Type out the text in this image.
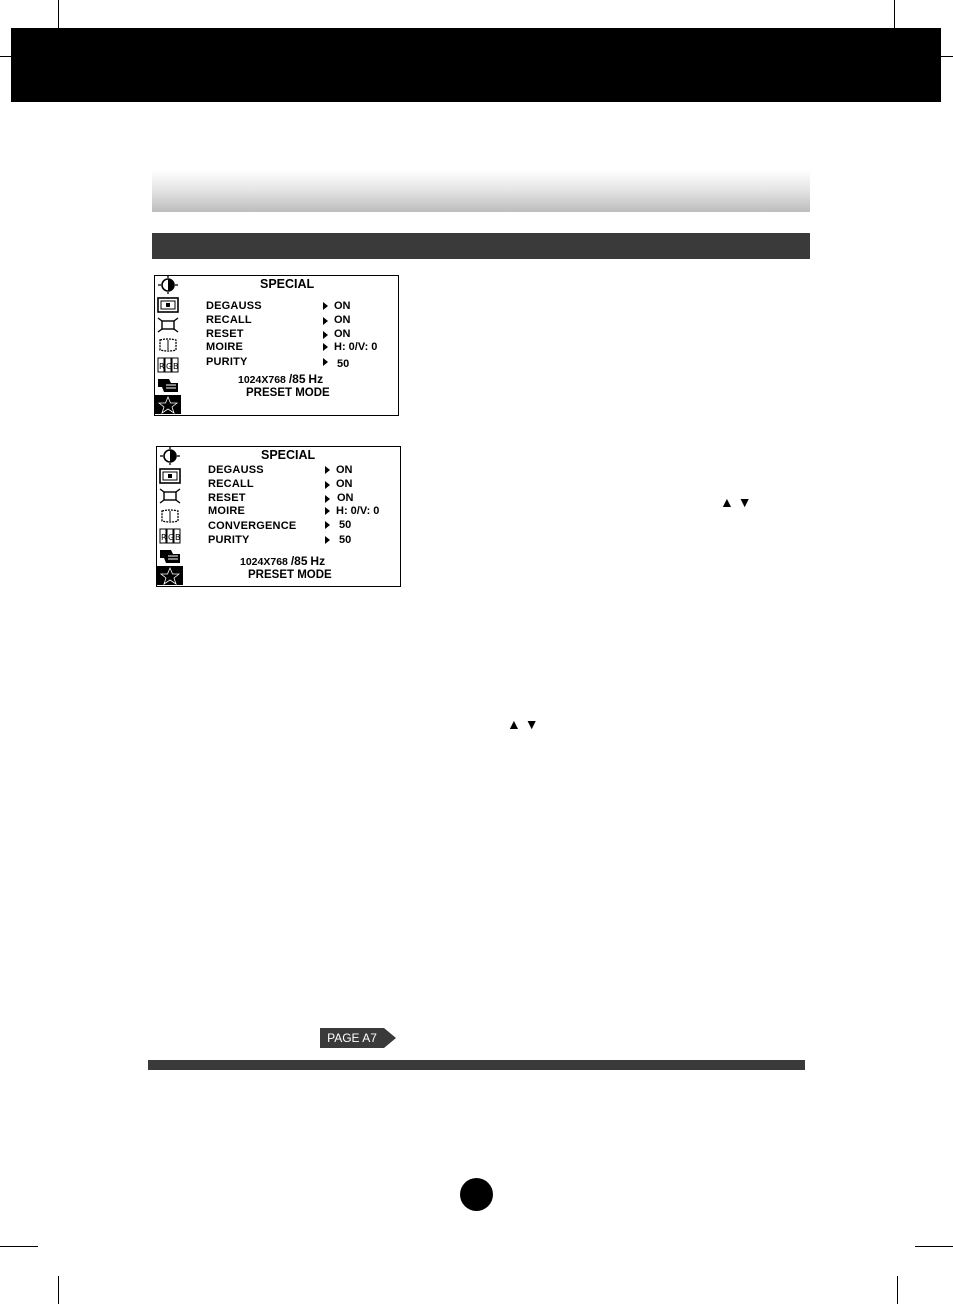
R G B
SPECIAL
DEGAUSS
RECALL
RESET
MOIRE
PURITY
ON
ON
ON
H: 0/V: 0
50
1024X768 /85 Hz
PRESET MODE
R G B
SPECIAL
DEGAUSS
RECALL
RESET
MOIRE
CONVERGENCE
PURITY
ON
ON
ON
H: 0/V: 0
50
50
1024X768 /85 Hz
PRESET MODE
▲ ▼
▲ ▼
PAGE A7
